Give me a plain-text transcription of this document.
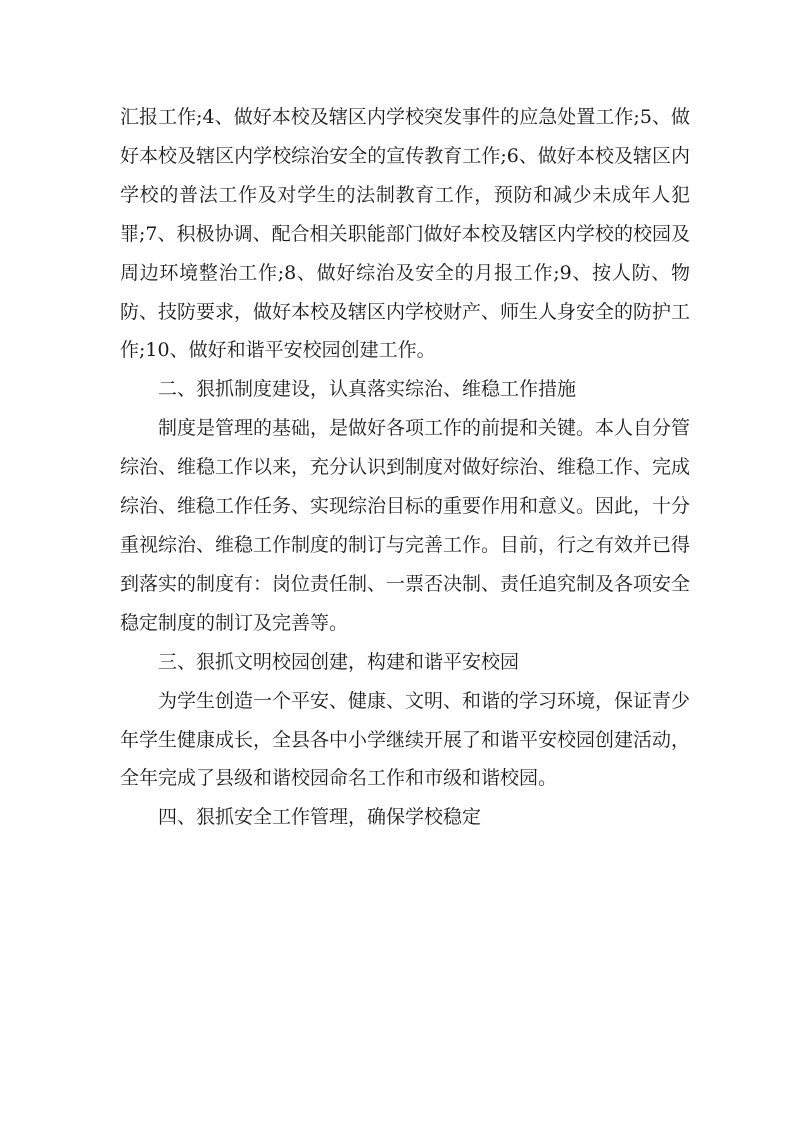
汇报工作;4、做好本校及辖区内学校突发事件的应急处置工作;5、做好本校及辖区内学校综治安全的宣传教育工作;6、做好本校及辖区内学校的普法工作及对学生的法制教育工作，预防和减少未成年人犯罪;7、积极协调、配合相关职能部门做好本校及辖区内学校的校园及周边环境整治工作;8、做好综治及安全的月报工作;9、按人防、物防、技防要求，做好本校及辖区内学校财产、师生人身安全的防护工作;10、做好和谐平安校园创建工作。

二、狠抓制度建设，认真落实综治、维稳工作措施

制度是管理的基础，是做好各项工作的前提和关键。本人自分管综治、维稳工作以来，充分认识到制度对做好综治、维稳工作、完成综治、维稳工作任务、实现综治目标的重要作用和意义。因此，十分重视综治、维稳工作制度的制订与完善工作。目前，行之有效并已得到落实的制度有：岗位责任制、一票否决制、责任追究制及各项安全稳定制度的制订及完善等。

三、狠抓文明校园创建，构建和谐平安校园

为学生创造一个平安、健康、文明、和谐的学习环境，保证青少年学生健康成长，全县各中小学继续开展了和谐平安校园创建活动，全年完成了县级和谐校园命名工作和市级和谐校园。

四、狠抓安全工作管理，确保学校稳定
